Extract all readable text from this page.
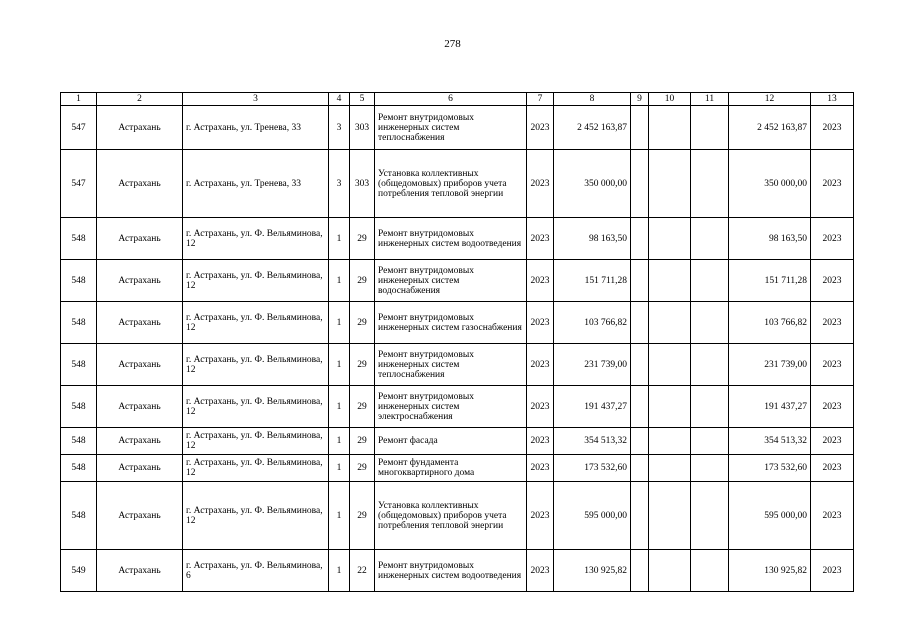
278
1	2	3	4	5	6	7	8	9	10	11	12	13
547	Астрахань	г. Астрахань, ул. Тренева, 33	3	303	Ремонт внутридомовых инженерных систем теплоснабжения	2023	2 452 163,87				2 452 163,87	2023
547	Астрахань	г. Астрахань, ул. Тренева, 33	3	303	Установка коллективных (общедомовых) приборов учета потребления тепловой энергии	2023	350 000,00				350 000,00	2023
548	Астрахань	г. Астрахань, ул. Ф. Вельяминова, 12	1	29	Ремонт внутридомовых инженерных систем водоотведения	2023	98 163,50				98 163,50	2023
548	Астрахань	г. Астрахань, ул. Ф. Вельяминова, 12	1	29	Ремонт внутридомовых инженерных систем водоснабжения	2023	151 711,28				151 711,28	2023
548	Астрахань	г. Астрахань, ул. Ф. Вельяминова, 12	1	29	Ремонт внутридомовых инженерных систем газоснабжения	2023	103 766,82				103 766,82	2023
548	Астрахань	г. Астрахань, ул. Ф. Вельяминова, 12	1	29	Ремонт внутридомовых инженерных систем теплоснабжения	2023	231 739,00				231 739,00	2023
548	Астрахань	г. Астрахань, ул. Ф. Вельяминова, 12	1	29	Ремонт внутридомовых инженерных систем электроснабжения	2023	191 437,27				191 437,27	2023
548	Астрахань	г. Астрахань, ул. Ф. Вельяминова, 12	1	29	Ремонт фасада	2023	354 513,32				354 513,32	2023
548	Астрахань	г. Астрахань, ул. Ф. Вельяминова, 12	1	29	Ремонт фундамента многоквартирного дома	2023	173 532,60				173 532,60	2023
548	Астрахань	г. Астрахань, ул. Ф. Вельяминова, 12	1	29	Установка коллективных (общедомовых) приборов учета потребления тепловой энергии	2023	595 000,00				595 000,00	2023
549	Астрахань	г. Астрахань, ул. Ф. Вельяминова, 6	1	22	Ремонт внутридомовых инженерных систем водоотведения	2023	130 925,82				130 925,82	2023
